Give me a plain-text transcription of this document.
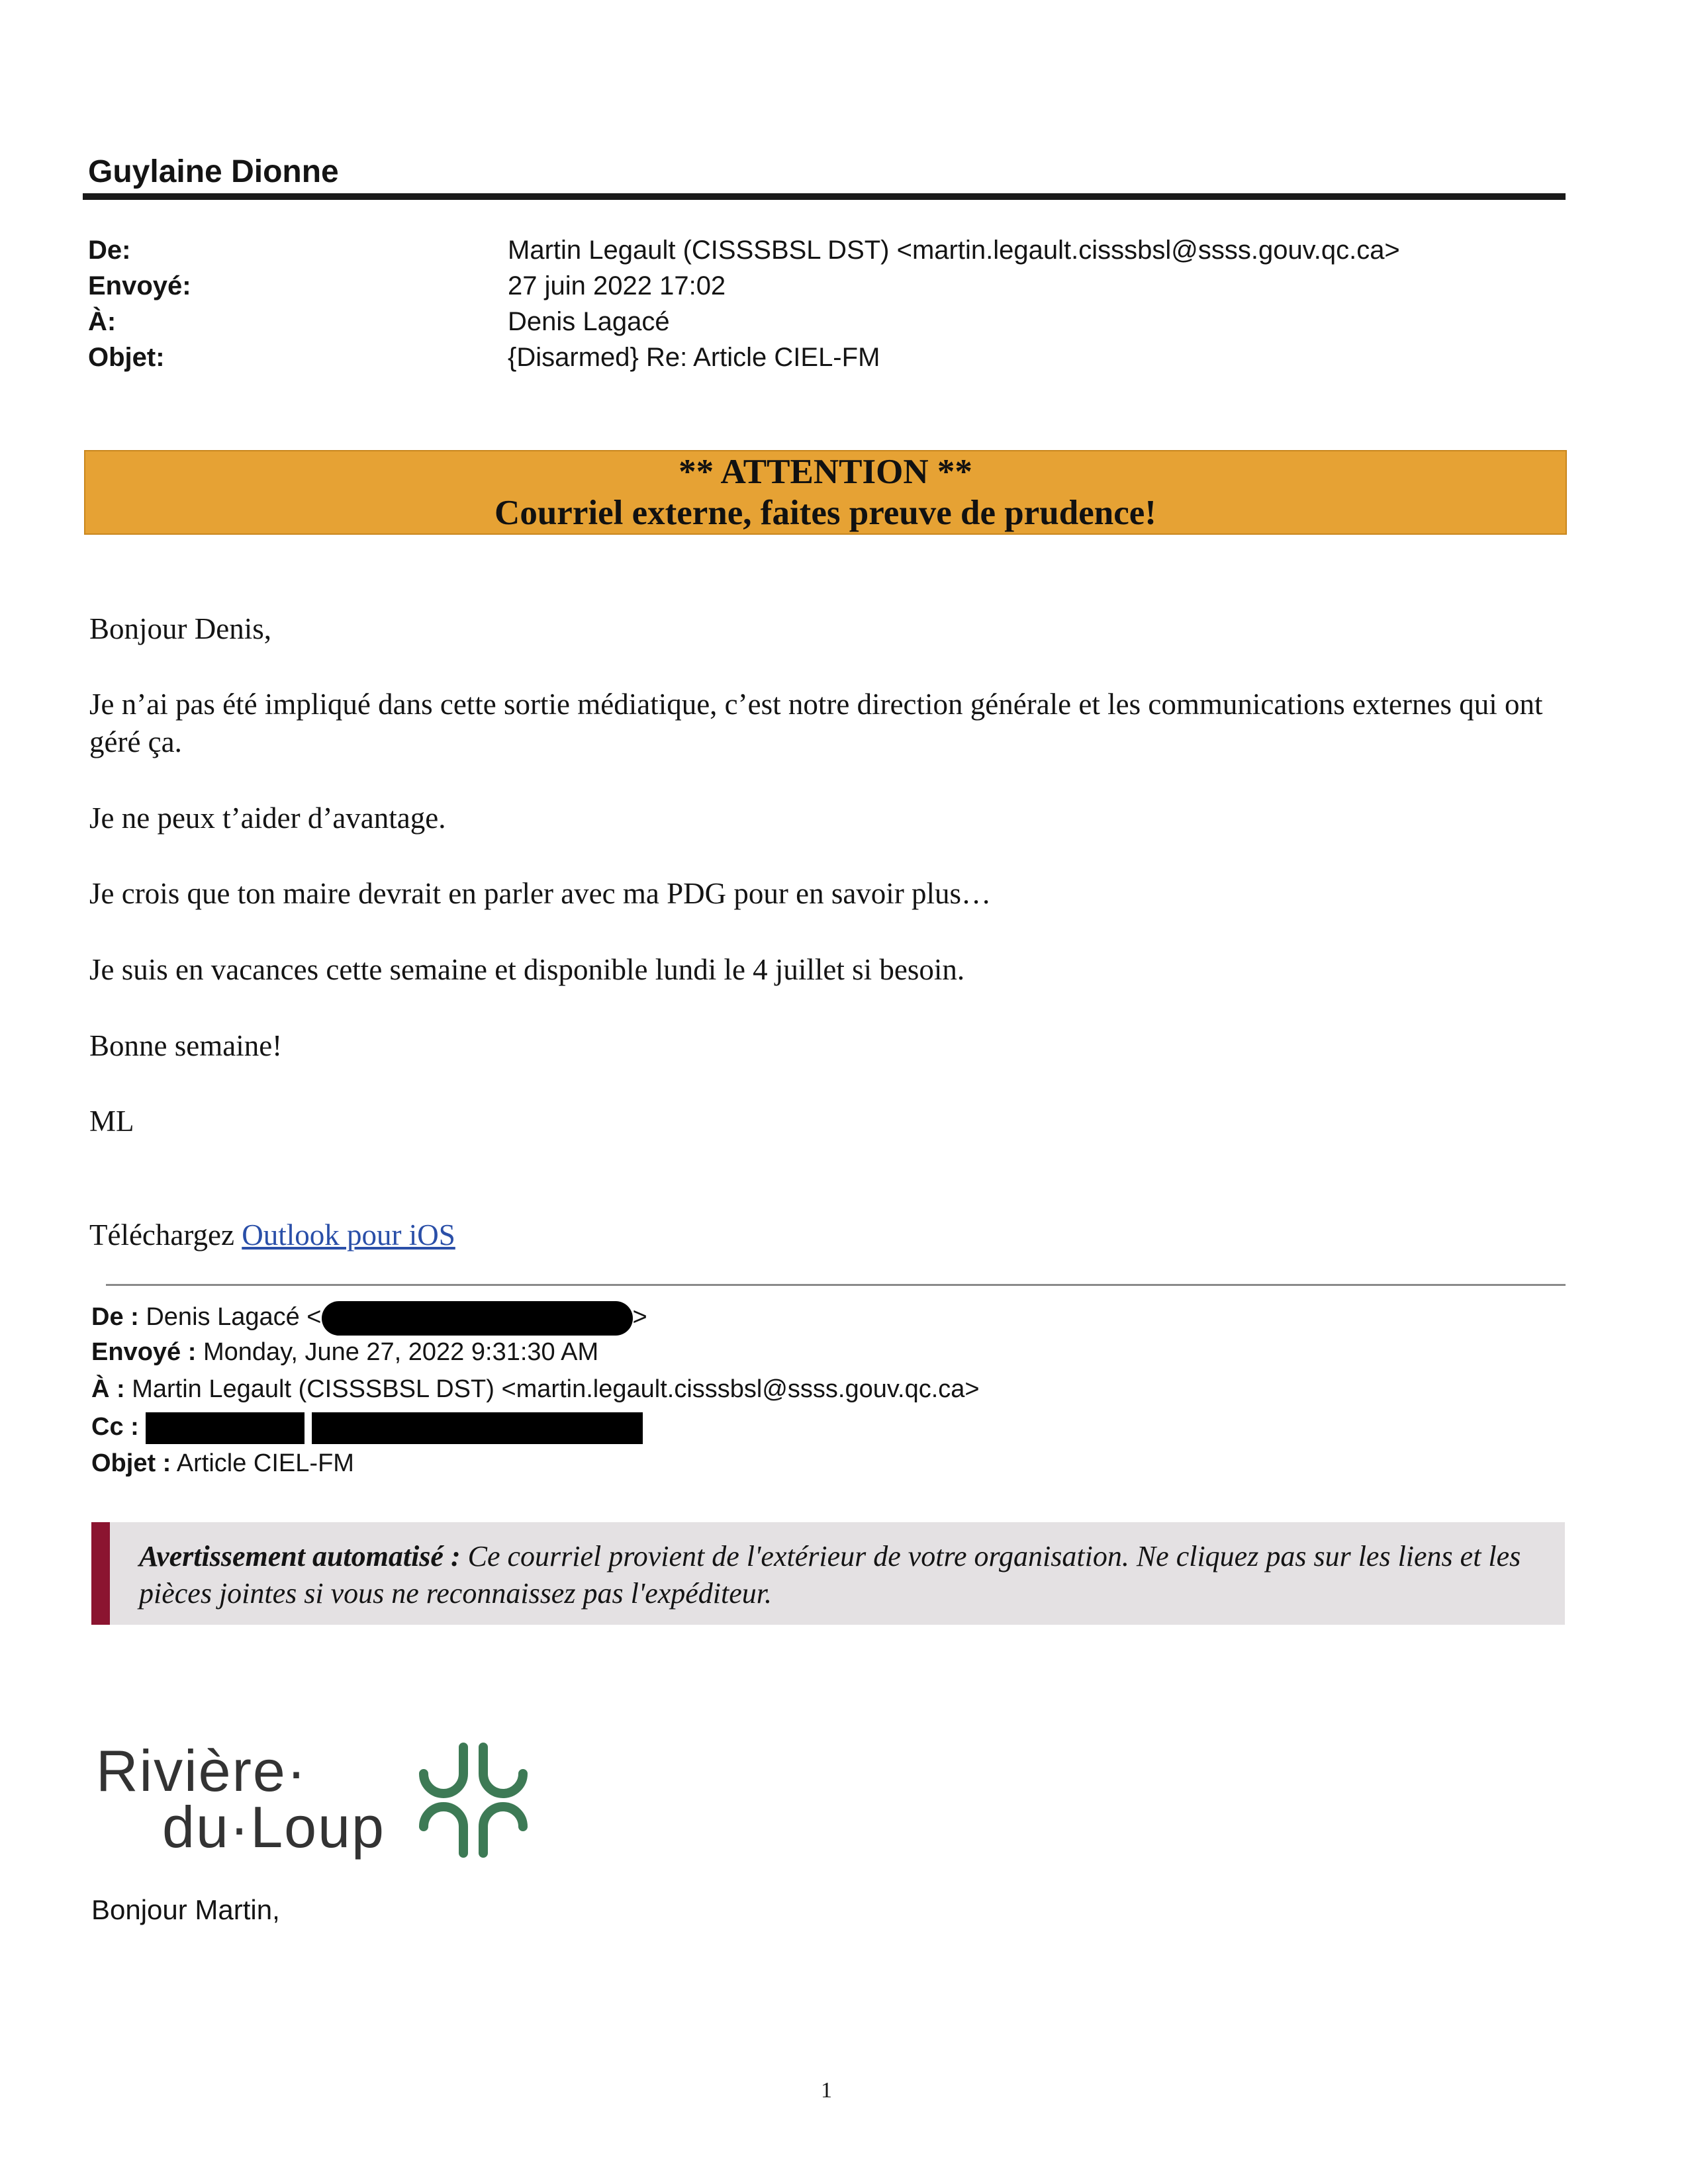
Guylaine Dionne
De:	Martin Legault (CISSSBSL DST) <martin.legault.cisssbsl@ssss.gouv.qc.ca>
Envoyé:	27 juin 2022 17:02
À:	Denis Lagacé
Objet:	{Disarmed} Re: Article CIEL-FM
** ATTENTION **
Courriel externe, faites preuve de prudence!
Bonjour Denis,
Je n’ai pas été impliqué dans cette sortie médiatique, c’est notre direction générale et les communications externes qui ont géré ça.
Je ne peux t’aider d’avantage.
Je crois que ton maire devrait en parler avec ma PDG pour en savoir plus…
Je suis en vacances cette semaine et disponible lundi le 4 juillet si besoin.
Bonne semaine!
ML
Téléchargez Outlook pour iOS
De : Denis Lagacé <	>
Envoyé : Monday, June 27, 2022 9:31:30 AM
À : Martin Legault (CISSSBSL DST) <martin.legault.cisssbsl@ssss.gouv.qc.ca>
Cc :
Objet : Article CIEL-FM
Avertissement automatisé : Ce courriel provient de l'extérieur de votre organisation. Ne cliquez pas sur les liens et les pièces jointes si vous ne reconnaissez pas l'expéditeur.
Rivière·
du·Loup
Bonjour Martin,
1
